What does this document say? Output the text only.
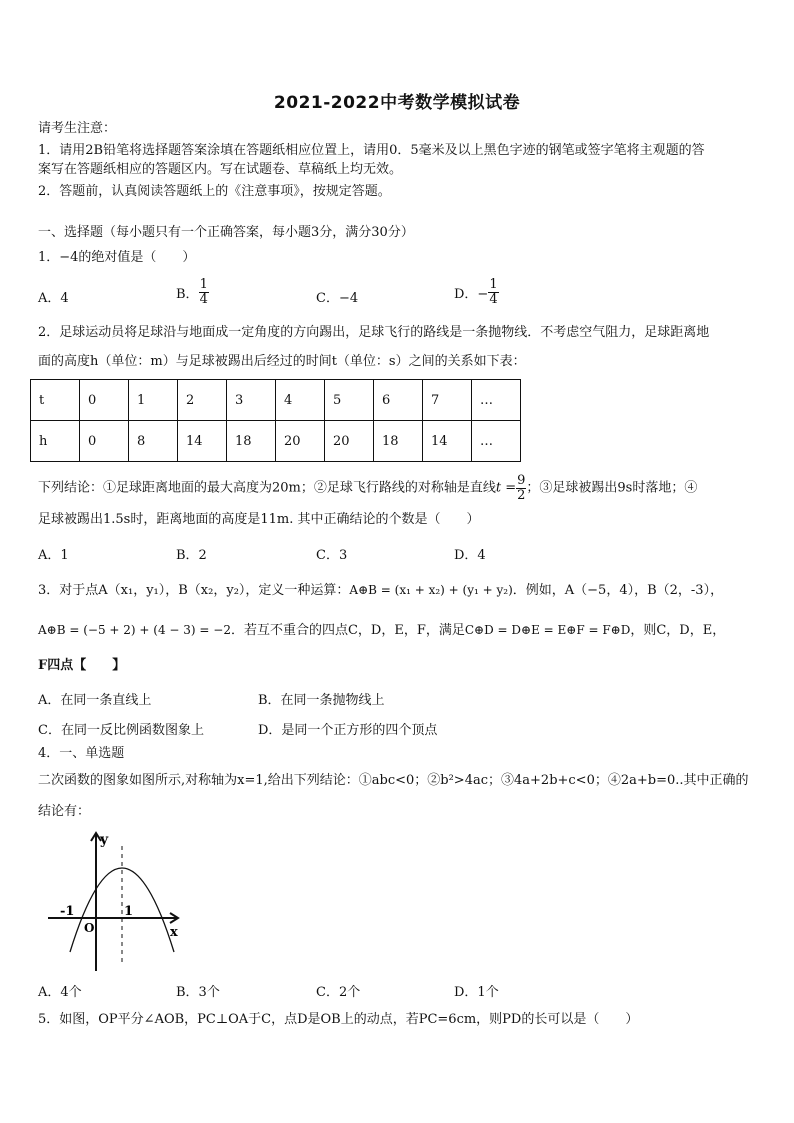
2021-2022中考数学模拟试卷
请考生注意：
1．请用2B铅笔将选择题答案涂填在答题纸相应位置上，请用0．5毫米及以上黑色字迹的钢笔或签字笔将主观题的答
案写在答题纸相应的答题区内。写在试题卷、草稿纸上均无效。
2．答题前，认真阅读答题纸上的《注意事项》，按规定答题。
一、选择题（每小题只有一个正确答案，每小题3分，满分30分）
1．−4的绝对值是（　　）
A．4	B． $\frac{1}{4}$	C．−4	D．− $\frac{1}{4}$
2．足球运动员将足球沿与地面成一定角度的方向踢出，足球飞行的路线是一条抛物线．不考虑空气阻力，足球距离地
面的高度h（单位：m）与足球被踢出后经过的时间t（单位：s）之间的关系如下表：
t	0	1	2	3	4	5	6	7	…
h	0	8	14	18	20	20	18	14	…
下列结论：①足球距离地面的最大高度为20m；②足球飞行路线的对称轴是直线$t = \frac{9}{2}$ ；③足球被踢出9s时落地；④
足球被踢出1.5s时，距离地面的高度是11m. 其中正确结论的个数是（　　）
A．1	B．2	C．3	D．4
3．对于点A（x₁，y₁），B（x₂，y₂），定义一种运算：A⊕B = (x₁ + x₂) + (y₁ + y₂)．例如，A（−5，4），B（2，-3），
A⊕B = (−5 + 2) + (4 − 3) = −2．若互不重合的四点C，D，E，F，满足C⊕D = D⊕E = E⊕F = F⊕D，则C，D，E，
F四点【　　】
A．在同一条直线上	B．在同一条抛物线上
C．在同一反比例函数图象上	D．是同一个正方形的四个顶点
4．一、单选题
二次函数的图象如图所示,对称轴为x=1,给出下列结论：①abc<0；②b²>4ac；③4a+2b+c<0；④2a+b=0..其中正确的
结论有：
y
x
O
-1	1
A．4个	B．3个	C．2个	D．1个
5．如图，OP平分∠AOB，PC⊥OA于C，点D是OB上的动点，若PC=6cm，则PD的长可以是（　　）
